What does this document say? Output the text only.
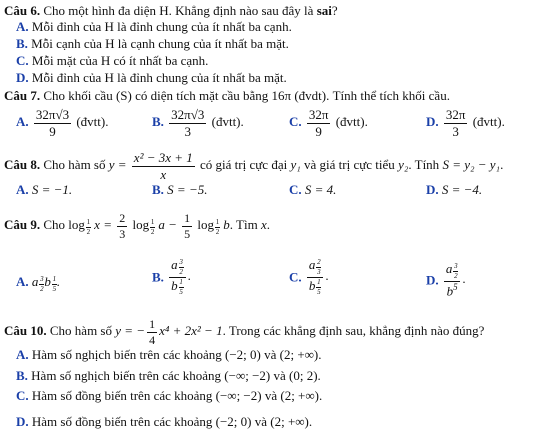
Câu 6. Cho một hình đa diện H. Khẳng định nào sau đây là sai?
A. Mỗi đỉnh của H là đỉnh chung của ít nhất ba cạnh.
B. Mỗi cạnh của H là cạnh chung của ít nhất ba mặt.
C. Mỗi mặt của H có ít nhất ba cạnh.
D. Mỗi đỉnh của H là đỉnh chung của ít nhất ba mặt.
Câu 7. Cho khối cầu (S) có diện tích mặt cầu bằng 16π (đvdt). Tính thể tích khối cầu.
A. $\frac{32\pi√3}{9}$ (đvtt).	B. $\frac{32\pi√3}{3}$ (đvtt).	C. $\frac{32\pi}{9}$ (đvtt).	D. $\frac{32\pi}{3}$ (đvtt).
Câu 8. Cho hàm số $y = \frac{\text{x² − 3x + 1}}{x}$ có giá trị cực đại y₁ và giá trị cực tiểu y₂. Tính S = y₂ − y₁.
A. S = −1.	B. S = −5.	C. S = 4.	D. S = −4.
Câu 9. Cho $\log \frac{1}{2}$ $x = \frac{2}{3}$ $\log \frac{1}{2}$ $a - \frac{1}{5}$ $\log \frac{1}{2} b$. Tìm x.
A. a $\frac{3}{2}$ b $\frac{1}{5}$ .	B. $\frac{a \frac{3}{2}}{b \frac{1}{5}}$ .	C. $\frac{a \frac{2}{3}}{b \frac{1}{5}}$ .	D. $\frac{a \frac{3}{2}}{b^5}$ .
Câu 10. Cho hàm số y = − $\frac{1}{4} x^4 + 2x^2 - 1$. Trong các khẳng định sau, khẳng định nào đúng?
A. Hàm số nghịch biến trên các khoảng (−2; 0) và (2; +∞).
B. Hàm số nghịch biến trên các khoảng (−∞; −2) và (0; 2).
C. Hàm số đồng biến trên các khoảng (−∞; −2) và (2; +∞).
D. Hàm số đồng biến trên các khoảng (−2; 0) và (2; +∞).
